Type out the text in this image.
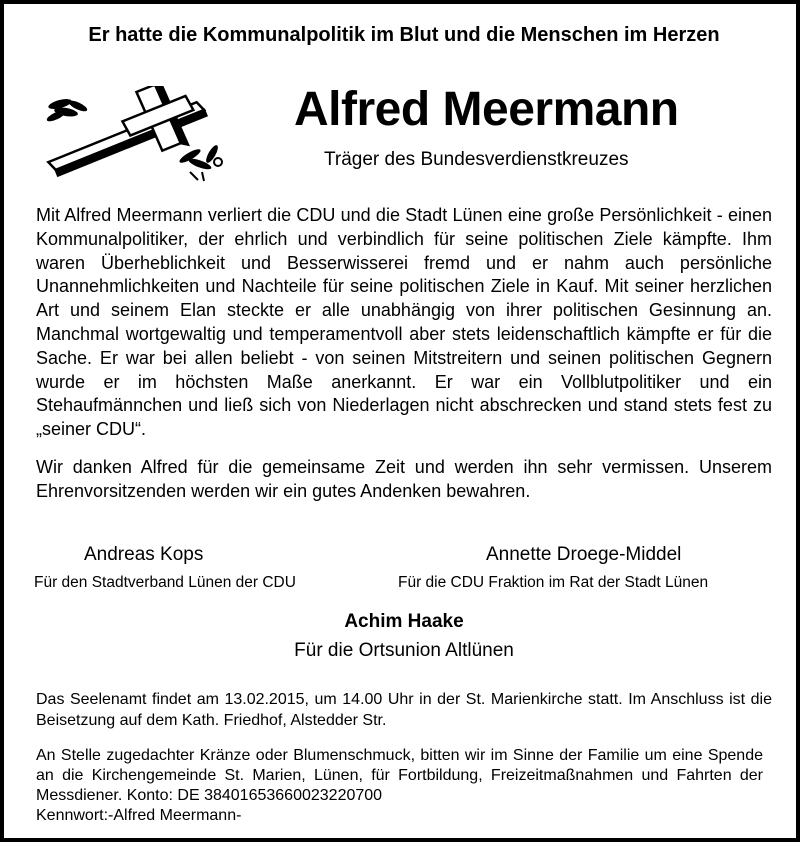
Er hatte die Kommunalpolitik im Blut und die Menschen im Herzen
Alfred Meermann
Träger des Bundesverdienstkreuzes

Mit Alfred Meermann verliert die CDU und die Stadt Lünen eine große Persönlichkeit - einen Kommunalpolitiker, der ehrlich und verbindlich für seine politischen Ziele kämpfte. Ihm waren Überheblichkeit und Besserwisserei fremd und er nahm auch persönliche Unannehmlichkeiten und Nachteile für seine politischen Ziele in Kauf. Mit seiner herzlichen Art und seinem Elan steckte er alle unabhängig von ihrer politischen Gesinnung an. Manchmal wortgewaltig und temperamentvoll aber stets leidenschaftlich kämpfte er für die Sache. Er war bei allen beliebt - von seinen Mitstreitern und seinen politischen Gegnern wurde er im höchsten Maße anerkannt. Er war ein Vollblutpolitiker und ein Stehaufmännchen und ließ sich von Niederlagen nicht abschrecken und stand stets fest zu „seiner CDU“.

Wir danken Alfred für die gemeinsame Zeit und werden ihn sehr vermissen. Unserem Ehrenvorsitzenden werden wir ein gutes Andenken bewahren.

Andreas Kops
Für den Stadtverband Lünen der CDU
Annette Droege-Middel
Für die CDU Fraktion im Rat der Stadt Lünen
Achim Haake
Für die Ortsunion Altlünen

Das Seelenamt findet am 13.02.2015, um 14.00 Uhr in der St. Marienkirche statt. Im Anschluss ist die Beisetzung auf dem Kath. Friedhof, Alstedder Str.

An Stelle zugedachter Kränze oder Blumenschmuck, bitten wir im Sinne der Familie um eine Spende an die Kirchengemeinde St. Marien, Lünen, für Fortbildung, Freizeitmaßnahmen und Fahrten der Messdiener. Konto: DE 38401653660023220700

Kennwort:-Alfred Meermann-
